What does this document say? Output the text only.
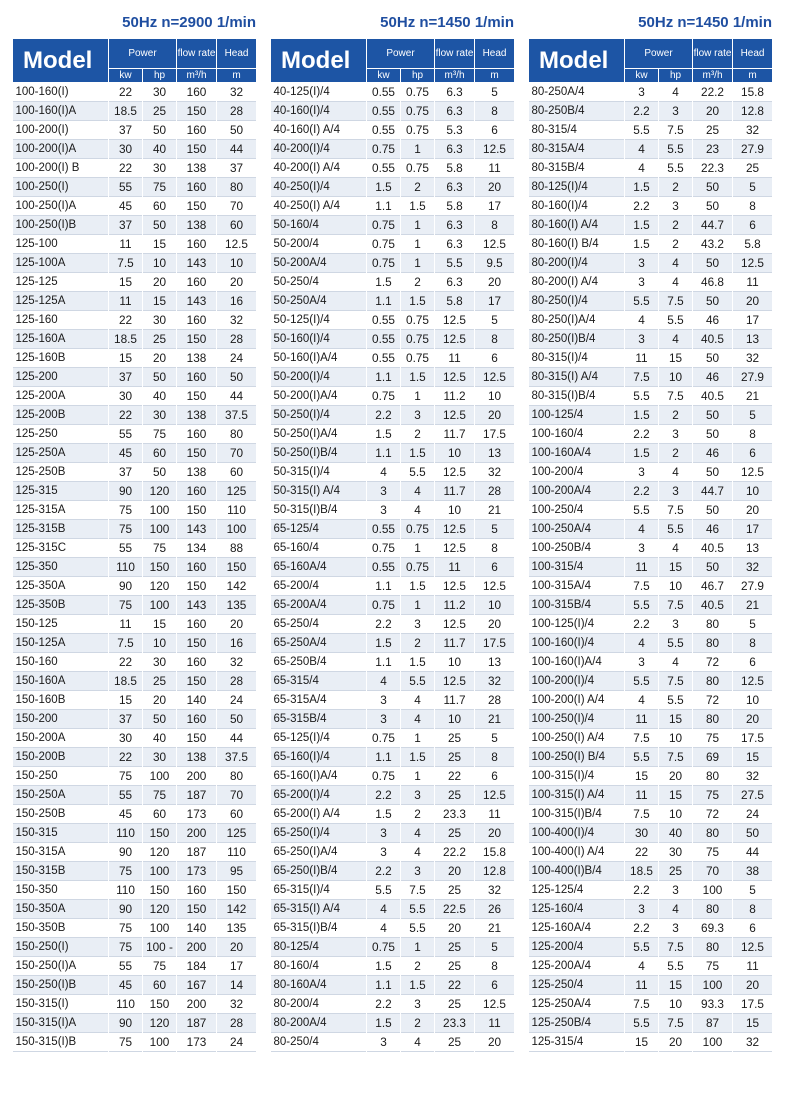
50Hz n=2900 1/min
Model	Power		flow rate	Head
	kw	hp	m³/h	m
100-160(I)	22	30	160	32
100-160(I)A	18.5	25	150	28
100-200(I)	37	50	160	50
100-200(I)A	30	40	150	44
100-200(I) B	22	30	138	37
100-250(I)	55	75	160	80
100-250(I)A	45	60	150	70
100-250(I)B	37	50	138	60
125-100	11	15	160	12.5
125-100A	7.5	10	143	10
125-125	15	20	160	20
125-125A	11	15	143	16
125-160	22	30	160	32
125-160A	18.5	25	150	28
125-160B	15	20	138	24
125-200	37	50	160	50
125-200A	30	40	150	44
125-200B	22	30	138	37.5
125-250	55	75	160	80
125-250A	45	60	150	70
125-250B	37	50	138	60
125-315	90	120	160	125
125-315A	75	100	150	110
125-315B	75	100	143	100
125-315C	55	75	134	88
125-350	110	150	160	150
125-350A	90	120	150	142
125-350B	75	100	143	135
150-125	11	15	160	20
150-125A	7.5	10	150	16
150-160	22	30	160	32
150-160A	18.5	25	150	28
150-160B	15	20	140	24
150-200	37	50	160	50
150-200A	30	40	150	44
150-200B	22	30	138	37.5
150-250	75	100	200	80
150-250A	55	75	187	70
150-250B	45	60	173	60
150-315	110	150	200	125
150-315A	90	120	187	110
150-315B	75	100	173	95
150-350	110	150	160	150
150-350A	90	120	150	142
150-350B	75	100	140	135
150-250(I)	75	100 -	200	20
150-250(I)A	55	75	184	17
150-250(I)B	45	60	167	14
150-315(I)	110	150	200	32
150-315(I)A	90	120	187	28
150-315(I)B	75	100	173	24
50Hz n=1450 1/min
Model	Power		flow rate	Head
	kw	hp	m³/h	m
40-125(I)/4	0.55	0.75	6.3	5
40-160(I)/4	0.55	0.75	6.3	8
40-160(I) A/4	0.55	0.75	5.3	6
40-200(I)/4	0.75	1	6.3	12.5
40-200(I) A/4	0.55	0.75	5.8	11
40-250(I)/4	1.5	2	6.3	20
40-250(I) A/4	1.1	1.5	5.8	17
50-160/4	0.75	1	6.3	8
50-200/4	0.75	1	6.3	12.5
50-200A/4	0.75	1	5.5	9.5
50-250/4	1.5	2	6.3	20
50-250A/4	1.1	1.5	5.8	17
50-125(I)/4	0.55	0.75	12.5	5
50-160(I)/4	0.55	0.75	12.5	8
50-160(I)A/4	0.55	0.75	11	6
50-200(I)/4	1.1	1.5	12.5	12.5
50-200(I)A/4	0.75	1	11.2	10
50-250(I)/4	2.2	3	12.5	20
50-250(I)A/4	1.5	2	11.7	17.5
50-250(I)B/4	1.1	1.5	10	13
50-315(I)/4	4	5.5	12.5	32
50-315(I) A/4	3	4	11.7	28
50-315(I)B/4	3	4	10	21
65-125/4	0.55	0.75	12.5	5
65-160/4	0.75	1	12.5	8
65-160A/4	0.55	0.75	11	6
65-200/4	1.1	1.5	12.5	12.5
65-200A/4	0.75	1	11.2	10
65-250/4	2.2	3	12.5	20
65-250A/4	1.5	2	11.7	17.5
65-250B/4	1.1	1.5	10	13
65-315/4	4	5.5	12.5	32
65-315A/4	3	4	11.7	28
65-315B/4	3	4	10	21
65-125(I)/4	0.75	1	25	5
65-160(I)/4	1.1	1.5	25	8
65-160(I)A/4	0.75	1	22	6
65-200(I)/4	2.2	3	25	12.5
65-200(I) A/4	1.5	2	23.3	11
65-250(I)/4	3	4	25	20
65-250(I)A/4	3	4	22.2	15.8
65-250(I)B/4	2.2	3	20	12.8
65-315(I)/4	5.5	7.5	25	32
65-315(I) A/4	4	5.5	22.5	26
65-315(I)B/4	4	5.5	20	21
80-125/4	0.75	1	25	5
80-160/4	1.5	2	25	8
80-160A/4	1.1	1.5	22	6
80-200/4	2.2	3	25	12.5
80-200A/4	1.5	2	23.3	11
80-250/4	3	4	25	20
50Hz n=1450 1/min
Model	Power		flow rate	Head
	kw	hp	m³/h	m
80-250A/4	3	4	22.2	15.8
80-250B/4	2.2	3	20	12.8
80-315/4	5.5	7.5	25	32
80-315A/4	4	5.5	23	27.9
80-315B/4	4	5.5	22.3	25
80-125(I)/4	1.5	2	50	5
80-160(I)/4	2.2	3	50	8
80-160(I) A/4	1.5	2	44.7	6
80-160(I) B/4	1.5	2	43.2	5.8
80-200(I)/4	3	4	50	12.5
80-200(I) A/4	3	4	46.8	11
80-250(I)/4	5.5	7.5	50	20
80-250(I)A/4	4	5.5	46	17
80-250(I)B/4	3	4	40.5	13
80-315(I)/4	11	15	50	32
80-315(I) A/4	7.5	10	46	27.9
80-315(I)B/4	5.5	7.5	40.5	21
100-125/4	1.5	2	50	5
100-160/4	2.2	3	50	8
100-160A/4	1.5	2	46	6
100-200/4	3	4	50	12.5
100-200A/4	2.2	3	44.7	10
100-250/4	5.5	7.5	50	20
100-250A/4	4	5.5	46	17
100-250B/4	3	4	40.5	13
100-315/4	11	15	50	32
100-315A/4	7.5	10	46.7	27.9
100-315B/4	5.5	7.5	40.5	21
100-125(I)/4	2.2	3	80	5
100-160(I)/4	4	5.5	80	8
100-160(I)A/4	3	4	72	6
100-200(I)/4	5.5	7.5	80	12.5
100-200(I) A/4	4	5.5	72	10
100-250(I)/4	11	15	80	20
100-250(I) A/4	7.5	10	75	17.5
100-250(I) B/4	5.5	7.5	69	15
100-315(I)/4	15	20	80	32
100-315(I) A/4	11	15	75	27.5
100-315(I)B/4	7.5	10	72	24
100-400(I)/4	30	40	80	50
100-400(I) A/4	22	30	75	44
100-400(I)B/4	18.5	25	70	38
125-125/4	2.2	3	100	5
125-160/4	3	4	80	8
125-160A/4	2.2	3	69.3	6
125-200/4	5.5	7.5	80	12.5
125-200A/4	4	5.5	75	11
125-250/4	11	15	100	20
125-250A/4	7.5	10	93.3	17.5
125-250B/4	5.5	7.5	87	15
125-315/4	15	20	100	32
